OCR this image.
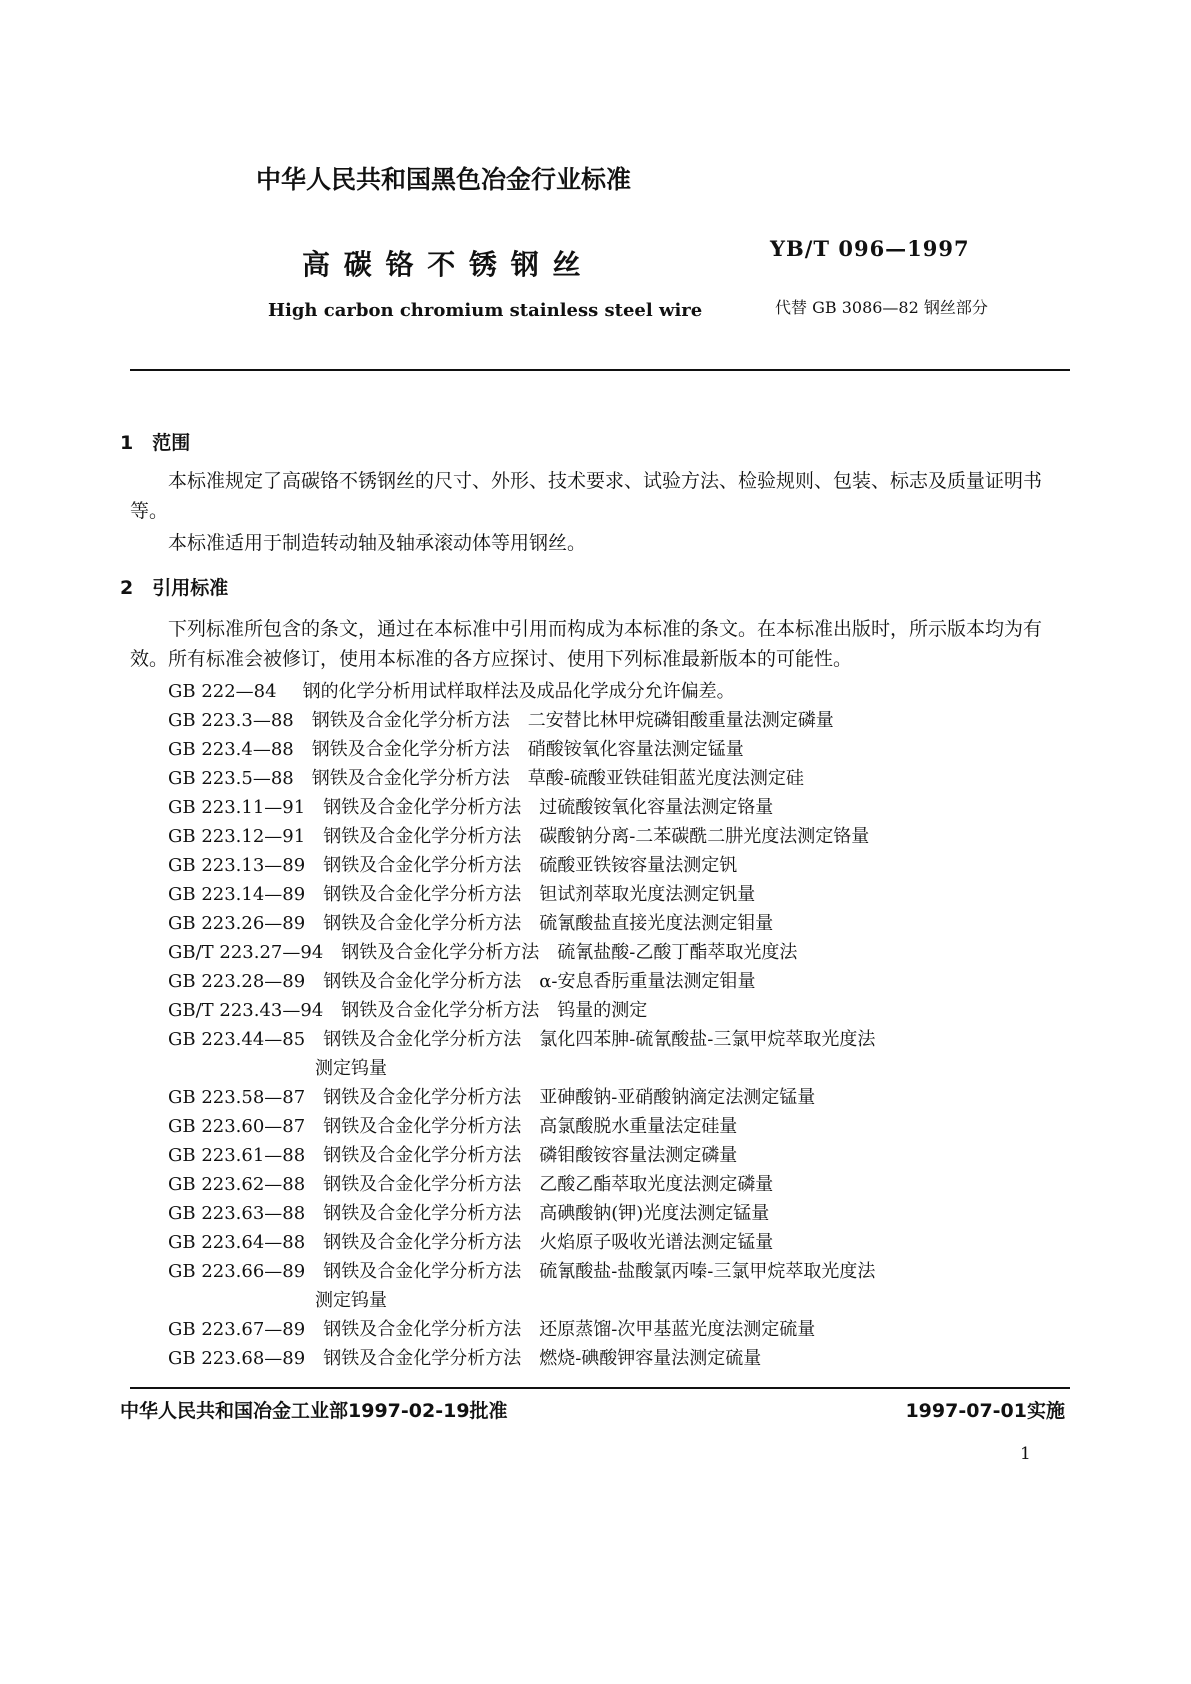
中华人民共和国黑色冶金行业标准
高 碳 铬 不 锈 钢 丝	YB/T 096—1997
High carbon chromium stainless steel wire	代替 GB 3086—82 钢丝部分
1　范围
本标准规定了高碳铬不锈钢丝的尺寸、外形、技术要求、试验方法、检验规则、包装、标志及质量证明书等。
本标准适用于制造转动轴及轴承滚动体等用钢丝。
2　引用标准
下列标准所包含的条文，通过在本标准中引用而构成为本标准的条文。在本标准出版时，所示版本均为有效。所有标准会被修订，使用本标准的各方应探讨、使用下列标准最新版本的可能性。
GB 222—84 钢的化学分析用试样取样法及成品化学成分允许偏差。
GB 223.3—88 钢铁及合金化学分析方法 二安替比林甲烷磷钼酸重量法测定磷量
GB 223.4—88 钢铁及合金化学分析方法 硝酸铵氧化容量法测定锰量
GB 223.5—88 钢铁及合金化学分析方法 草酸-硫酸亚铁硅钼蓝光度法测定硅
GB 223.11—91 钢铁及合金化学分析方法 过硫酸铵氧化容量法测定铬量
GB 223.12—91 钢铁及合金化学分析方法 碳酸钠分离-二苯碳酰二肼光度法测定铬量
GB 223.13—89 钢铁及合金化学分析方法 硫酸亚铁铵容量法测定钒
GB 223.14—89 钢铁及合金化学分析方法 钽试剂萃取光度法测定钒量
GB 223.26—89 钢铁及合金化学分析方法 硫氰酸盐直接光度法测定钼量
GB/T 223.27—94 钢铁及合金化学分析方法 硫氰盐酸-乙酸丁酯萃取光度法
GB 223.28—89 钢铁及合金化学分析方法 α-安息香肟重量法测定钼量
GB/T 223.43—94 钢铁及合金化学分析方法 钨量的测定
GB 223.44—85 钢铁及合金化学分析方法 氯化四苯胂-硫氰酸盐-三氯甲烷萃取光度法
测定钨量
GB 223.58—87 钢铁及合金化学分析方法 亚砷酸钠-亚硝酸钠滴定法测定锰量
GB 223.60—87 钢铁及合金化学分析方法 高氯酸脱水重量法定硅量
GB 223.61—88 钢铁及合金化学分析方法 磷钼酸铵容量法测定磷量
GB 223.62—88 钢铁及合金化学分析方法 乙酸乙酯萃取光度法测定磷量
GB 223.63—88 钢铁及合金化学分析方法 高碘酸钠(钾)光度法测定锰量
GB 223.64—88 钢铁及合金化学分析方法 火焰原子吸收光谱法测定锰量
GB 223.66—89 钢铁及合金化学分析方法 硫氰酸盐-盐酸氯丙嗪-三氯甲烷萃取光度法
测定钨量
GB 223.67—89 钢铁及合金化学分析方法 还原蒸馏-次甲基蓝光度法测定硫量
GB 223.68—89 钢铁及合金化学分析方法 燃烧-碘酸钾容量法测定硫量
中华人民共和国冶金工业部1997-02-19批准	1997-07-01实施
1
